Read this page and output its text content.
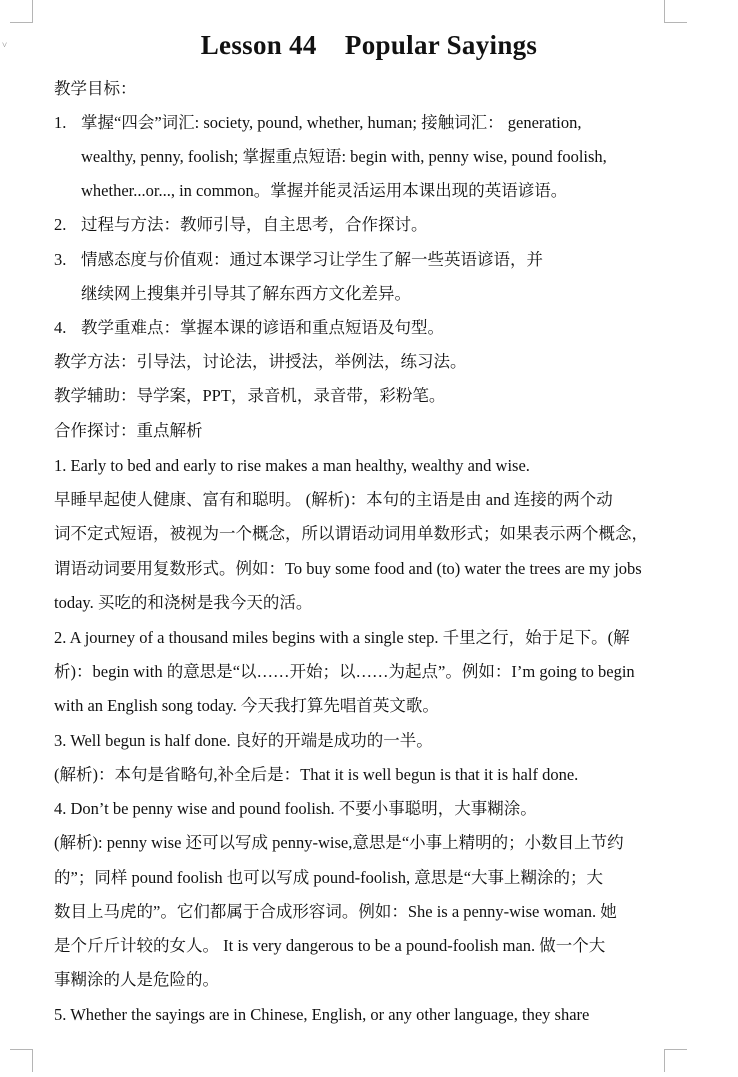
˅	Lesson 44    Popular Sayings
教学目标：
1. 掌握“四会”词汇: society, pound, whether, human; 接触词汇： generation,
wealthy, penny, foolish; 掌握重点短语: begin with, penny wise, pound foolish,
whether...or..., in common。掌握并能灵活运用本课出现的英语谚语。
2. 过程与方法：教师引导，自主思考，合作探讨。
3. 情感态度与价值观：通过本课学习让学生了解一些英语谚语，并
继续网上搜集并引导其了解东西方文化差异。
4. 教学重难点：掌握本课的谚语和重点短语及句型。
教学方法：引导法，讨论法，讲授法，举例法，练习法。
教学辅助：导学案，PPT，录音机，录音带，彩粉笔。
合作探讨：重点解析
1. Early to bed and early to rise makes a man healthy, wealthy and wise.
早睡早起使人健康、富有和聪明。 (解析)：本句的主语是由 and 连接的两个动
词不定式短语，被视为一个概念，所以谓语动词用单数形式；如果表示两个概念，
谓语动词要用复数形式。例如：To buy some food and (to) water the trees are my jobs
today. 买吃的和浇树是我今天的活。
2. A journey of a thousand miles begins with a single step. 千里之行，始于足下。(解
析)：begin with 的意思是“以……开始；以……为起点”。例如：I’m going to begin
with an English song today. 今天我打算先唱首英文歌。
3. Well begun is half done. 良好的开端是成功的一半。
(解析)：本句是省略句,补全后是：That it is well begun is that it is half done.
4. Don’t be penny wise and pound foolish. 不要小事聪明，大事糊涂。
(解析): penny wise 还可以写成 penny-wise,意思是“小事上精明的；小数目上节约
的”；同样 pound foolish 也可以写成 pound-foolish, 意思是“大事上糊涂的；大
数目上马虎的”。它们都属于合成形容词。例如：She is a penny-wise woman. 她
是个斤斤计较的女人。 It is very dangerous to be a pound-foolish man. 做一个大
事糊涂的人是危险的。
5. Whether the sayings are in Chinese, English, or any other language, they share
